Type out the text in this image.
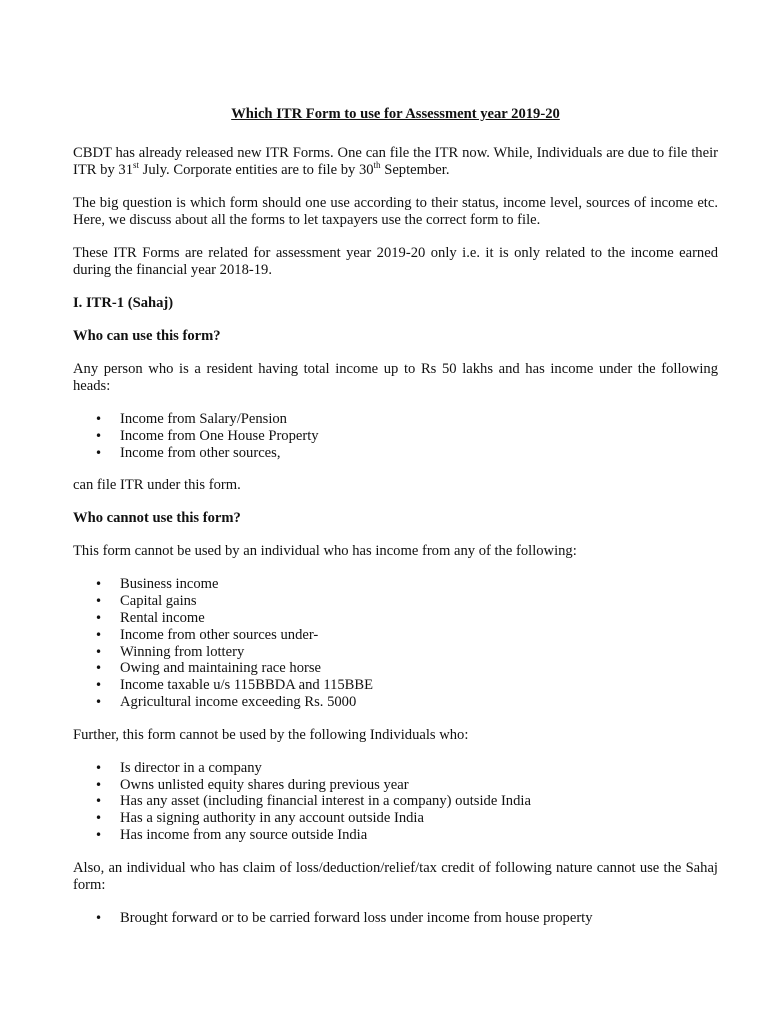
Which ITR Form to use for Assessment year 2019-20

CBDT has already released new ITR Forms. One can file the ITR now. While, Individuals are due to file their ITR by 31st July. Corporate entities are to file by 30th September.

The big question is which form should one use according to their status, income level, sources of income etc. Here, we discuss about all the forms to let taxpayers use the correct form to file.

These ITR Forms are related for assessment year 2019-20 only i.e. it is only related to the income earned during the financial year 2018-19.

I. ITR-1 (Sahaj)
Who can use this form?

Any person who is a resident having total income up to Rs 50 lakhs and has income under the following heads:

• Income from Salary/Pension
• Income from One House Property
• Income from other sources,

can file ITR under this form.

Who cannot use this form?

This form cannot be used by an individual who has income from any of the following:

• Business income
• Capital gains
• Rental income
• Income from other sources under-
• Winning from lottery
• Owing and maintaining race horse
• Income taxable u/s 115BBDA and 115BBE
• Agricultural income exceeding Rs. 5000

Further, this form cannot be used by the following Individuals who:

• Is director in a company
• Owns unlisted equity shares during previous year
• Has any asset (including financial interest in a company) outside India
• Has a signing authority in any account outside India
• Has income from any source outside India

Also, an individual who has claim of loss/deduction/relief/tax credit of following nature cannot use the Sahaj form:

• Brought forward or to be carried forward loss under income from house property
